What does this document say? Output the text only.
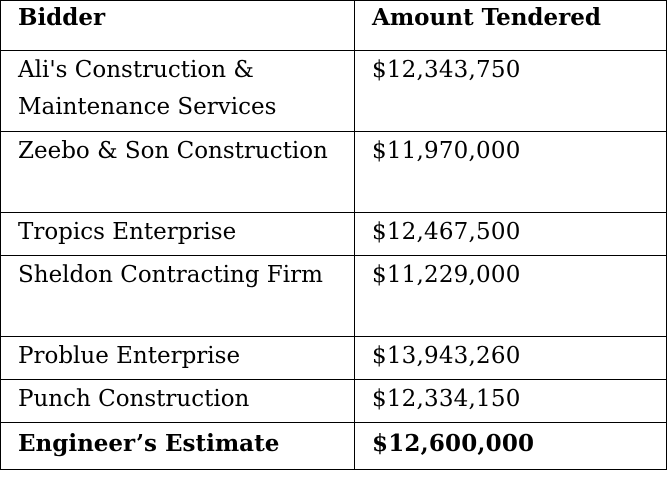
Bidder	Amount Tendered
Ali's Construction & Maintenance Services	$12,343,750
Zeebo & Son Construction	$11,970,000
Tropics Enterprise	$12,467,500
Sheldon Contracting Firm	$11,229,000
Problue Enterprise	$13,943,260
Punch Construction	$12,334,150
Engineer’s Estimate	$12,600,000
